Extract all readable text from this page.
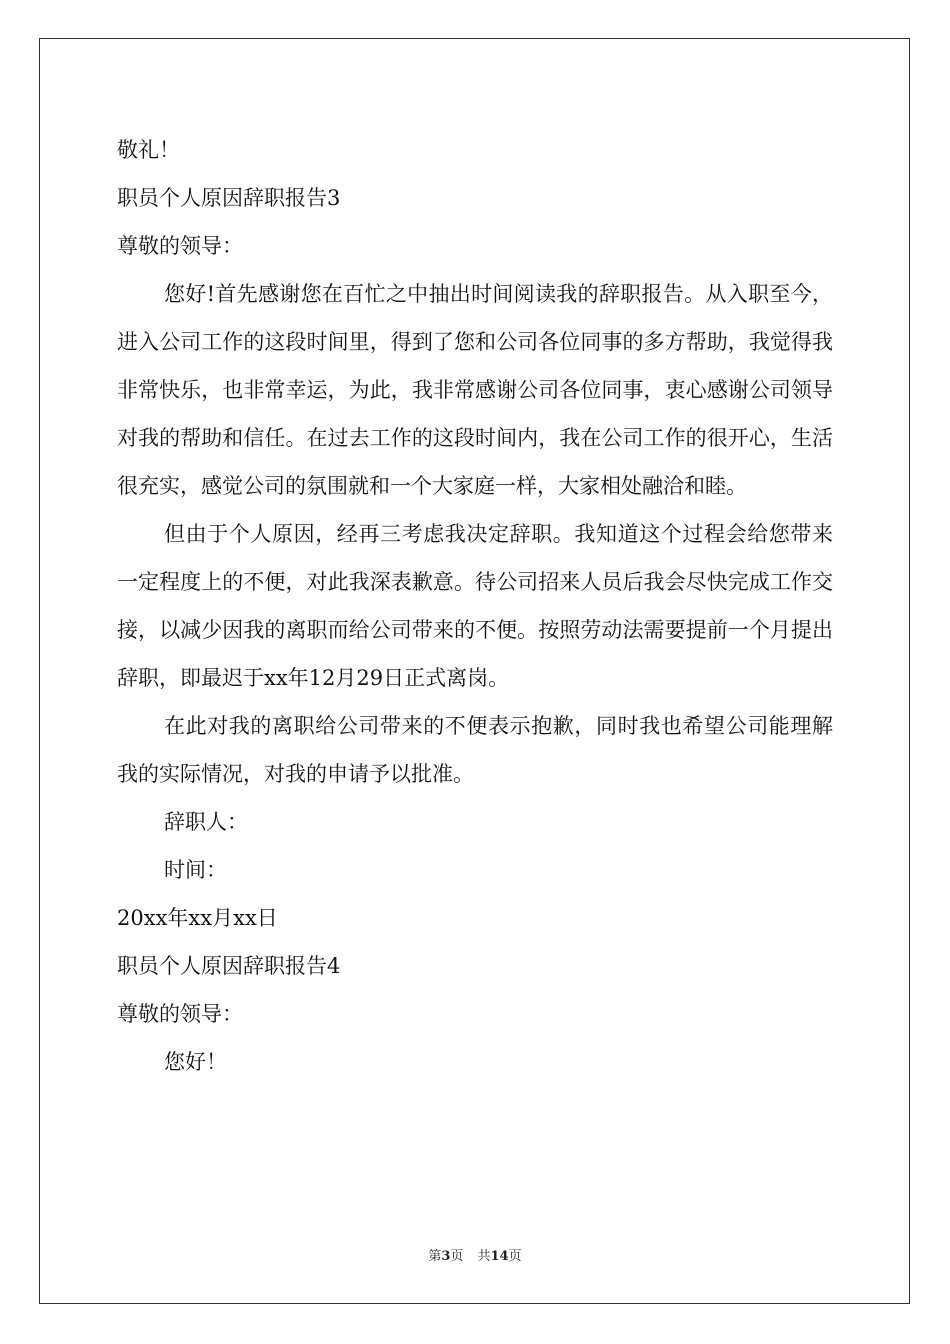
敬礼！

职员个人原因辞职报告3

尊敬的领导：

您好!首先感谢您在百忙之中抽出时间阅读我的辞职报告。从入职至今，进入公司工作的这段时间里，得到了您和公司各位同事的多方帮助，我觉得我非常快乐，也非常幸运，为此，我非常感谢公司各位同事，衷心感谢公司领导对我的帮助和信任。在过去工作的这段时间内，我在公司工作的很开心，生活很充实，感觉公司的氛围就和一个大家庭一样，大家相处融洽和睦。

但由于个人原因，经再三考虑我决定辞职。我知道这个过程会给您带来一定程度上的不便，对此我深表歉意。待公司招来人员后我会尽快完成工作交接，以减少因我的离职而给公司带来的不便。按照劳动法需要提前一个月提出辞职，即最迟于xx年12月29日正式离岗。

在此对我的离职给公司带来的不便表示抱歉，同时我也希望公司能理解我的实际情况，对我的申请予以批准。

辞职人：

时间：

20xx年xx月xx日

职员个人原因辞职报告4

尊敬的领导：

您好！

第3页 共14页
